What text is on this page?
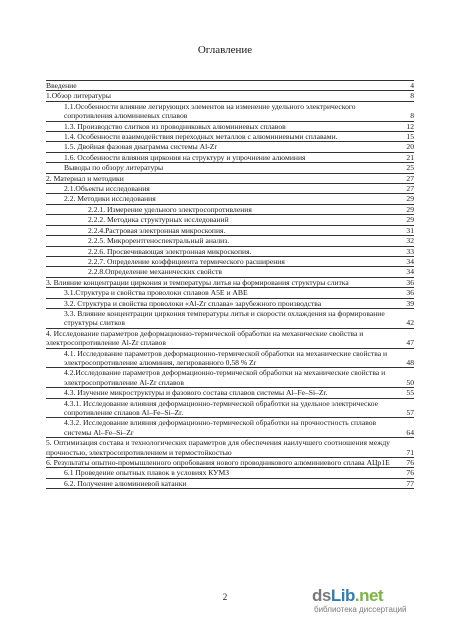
Оглавление
Введение	4
1.Обзор литературы	8
1.1.Особенности влияние легирующих элементов на изменение удельного электрического сопротивления алюминиевых сплавов	8
1.3. Производство слитков из проводниковых алюминиевых сплавов	12
1.4. Особенности взаимодействия переходных металлов с алюминиевыми сплавами.	15
1.5. Двойная фазовая диаграмма системы Al-Zr	20
1.6. Особенности влияния циркония на структуру и упрочнение алюминия	21
Выводы по обзору литературы	25
2. Материал и методики	27
2.1.Объекты исследования	27
2.2. Методики исследования	29
2.2.1. Измерение удельного электросопротивления	29
2.2.2. Методика структурных исследований	29
2.2.4.Растровая электронная микроскопия.	31
2.2.5. Микрорентгеноспектральный анализ.	32
2.2.6. Просвечивающая электронная микроскопия.	33
2.2.7. Определение коэффициента термического расширения	34
2.2.8.Определение механических свойств	34
3. Влияние концентрации циркония и температуры литья на формирования структуры слитка	36
3.1.Структура и свойства проволоки сплавов А5Е и АВЕ	36
3.2. Структура и свойства проволоки «Al-Zr сплава» зарубежного производства	39
3.3. Влияние концентрации циркония температуры литья и скорости охлаждения на формирование структуры слитков	42
4. Исследование параметров деформационно-термической обработки на механические свойства и электросопротивление Al-Zr сплавов	47
4.1. Исследование параметров деформационно-термической обработки на механические свойства и электросопротивление алюминия, легированного 0,58 % Zr	48
4.2.Исследование параметров деформационно-термической обработки на механические свойства и электросопротивление Al-Zr сплавов	50
4.3. Изучение микроструктуры и фазового состава сплавов системы Al–Fe–Si–Zr.	55
4.3.1. Исследование влияния деформационно-термической обработки на удельное электрическое сопротивление сплавов Al–Fe–Si–Zr.	57
4.3.2. Исследование влияния деформационно-термической обработки на прочностность сплавов системы Al–Fe–Si–Zr	64
5. Оптимизация состава и технологических параметров для обеспечения наилучшего соотношения между прочностью, электросопротивлением и термостойкостью	71
6. Результаты опытно-промышленного опробования нового проводникового алюминиевого сплава АЦр1Е 76
6.1 Проведение опытных плавок в условиях КУМЗ	76
6.2. Получение алюминиевой катанки	77
2	dsLib.net
библиотека диссертаций
